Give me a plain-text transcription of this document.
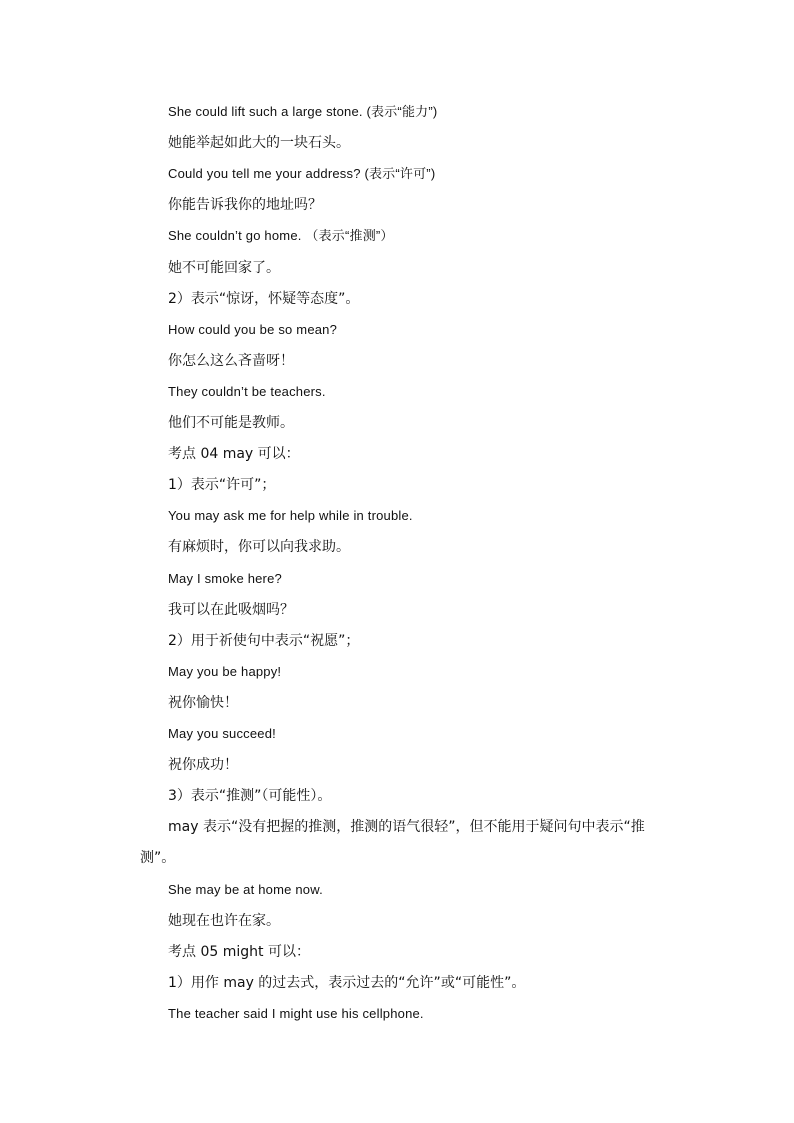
She could lift such a large stone. (表示“能力”)
她能举起如此大的一块石头。
Could you tell me your address? (表示“许可”)
你能告诉我你的地址吗？
She couldn’t go home. （表示“推测”）
她不可能回家了。
2）表示“惊讶，怀疑等态度”。
How could you be so mean?
你怎么这么吝啬呀！
They couldn’t be teachers.
他们不可能是教师。
考点 04 may 可以：
1）表示“许可”；
You may ask me for help while in trouble.
有麻烦时，你可以向我求助。
May I smoke here?
我可以在此吸烟吗？
2）用于祈使句中表示“祝愿”；
May you be happy!
祝你愉快！
May you succeed!
祝你成功！
3）表示“推测”（可能性）。
may 表示“没有把握的推测，推测的语气很轻”，但不能用于疑问句中表示“推测”。
She may be at home now.
她现在也许在家。
考点 05 might 可以：
1）用作 may 的过去式，表示过去的“允许”或“可能性”。
The teacher said I might use his cellphone.
